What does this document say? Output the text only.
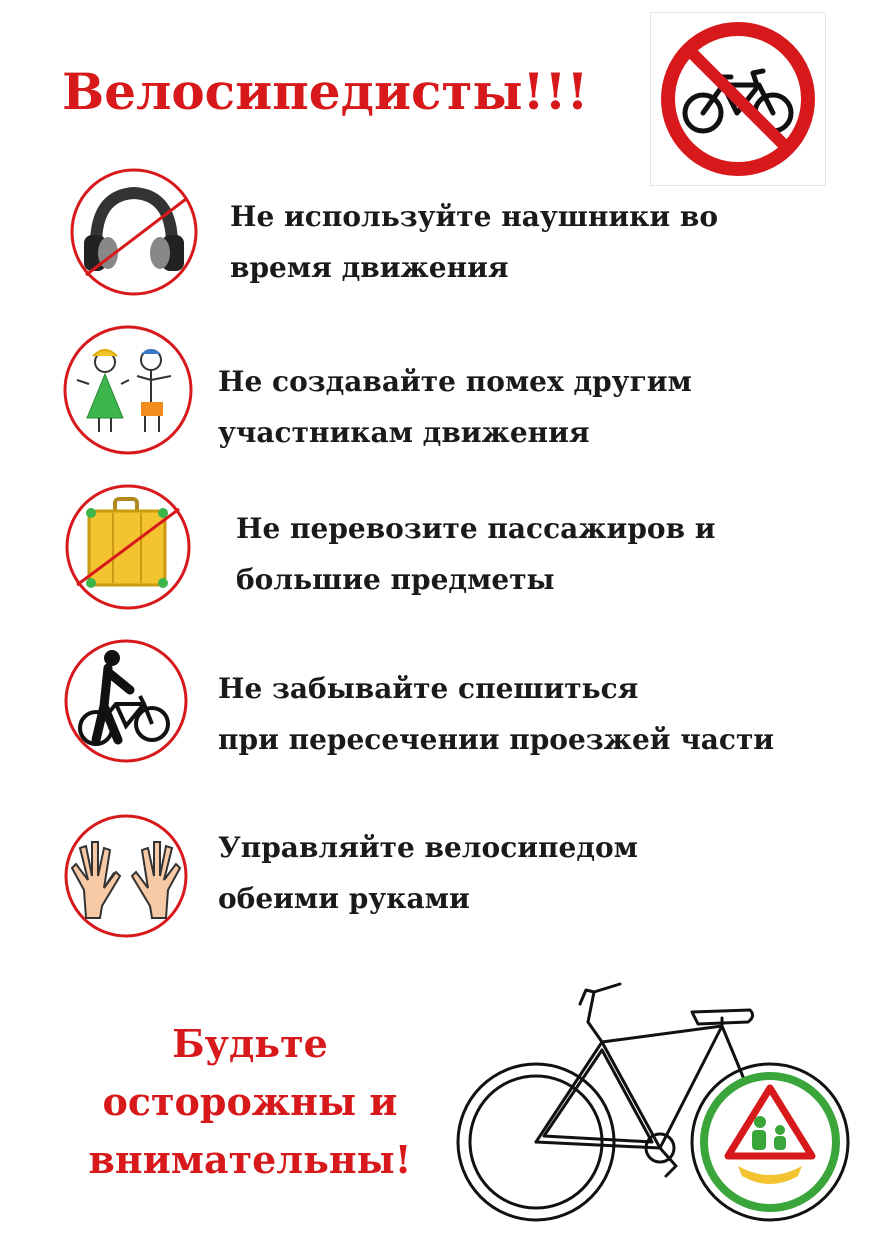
Велосипедисты!!!
Не используйте наушники во
время движения
Не создавайте помех другим
участникам движения
Не перевозите пассажиров и
большие предметы
Не забывайте спешиться
при пересечении проезжей части
Управляйте велосипедом
обеими руками
Будьте
осторожны и
внимательны!
